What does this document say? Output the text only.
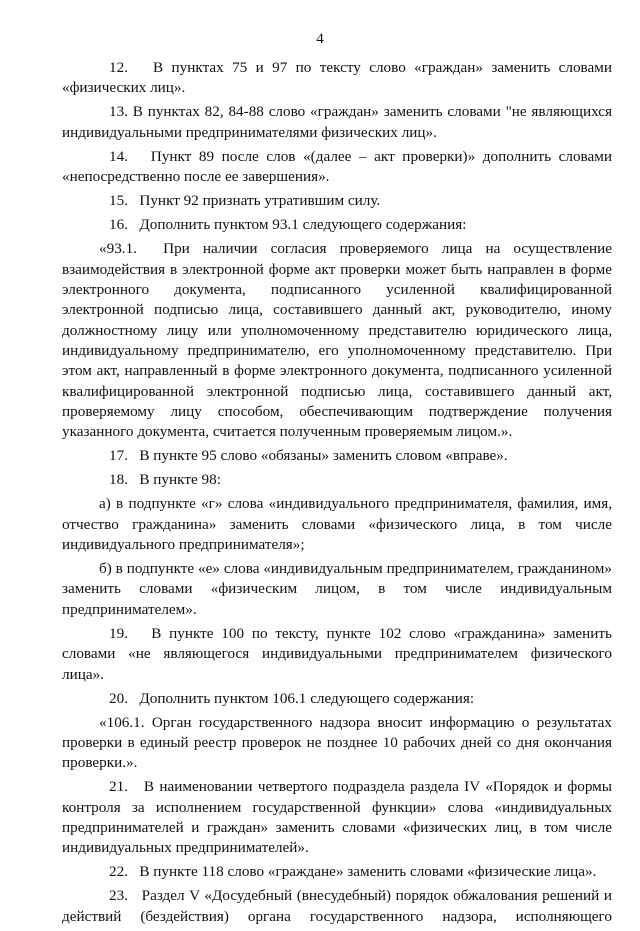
4

12.   В пунктах 75 и 97 по тексту слово «граждан» заменить словами «физических лиц».

13. В пунктах 82, 84-88 слово «граждан» заменить словами "не являющихся индивидуальными предпринимателями физических лиц».

14.   Пункт 89 после слов «(далее – акт проверки)» дополнить словами «непосредственно после ее завершения».

15.   Пункт 92 признать утратившим силу.

16.   Дополнить пунктом 93.1 следующего содержания:

«93.1.  При наличии согласия проверяемого лица на осуществление взаимодействия в электронной форме акт проверки может быть направлен в форме электронного документа, подписанного усиленной квалифицированной электронной подписью лица, составившего данный акт, руководителю, иному должностному лицу или уполномоченному представителю юридического лица, индивидуальному предпринимателю, его уполномоченному представителю. При этом акт, направленный в форме электронного документа, подписанного усиленной квалифицированной электронной подписью лица, составившего данный акт, проверяемому лицу способом, обеспечивающим подтверждение получения указанного документа, считается полученным проверяемым лицом.».

17.   В пункте 95 слово «обязаны» заменить словом «вправе».

18.   В пункте 98:

а) в подпункте «г» слова «индивидуального предпринимателя, фамилия, имя, отчество гражданина» заменить словами «физического лица, в том числе индивидуального предпринимателя»;

б) в подпункте «е» слова «индивидуальным предпринимателем, гражданином» заменить словами «физическим лицом, в том числе индивидуальным предпринимателем».

19.   В пункте 100 по тексту, пункте 102 слово «гражданина» заменить словами «не являющегося индивидуальными предпринимателем физического лица».

20.   Дополнить пунктом 106.1 следующего содержания:

«106.1. Орган государственного надзора вносит информацию о результатах проверки в единый реестр проверок не позднее 10 рабочих дней со дня окончания проверки.».

21.   В наименовании четвертого подраздела раздела IV «Порядок и формы контроля за исполнением государственной функции» слова «индивидуальных предпринимателей и граждан» заменить словами «физических лиц, в том числе индивидуальных предпринимателей».

22.   В пункте 118 слово «граждане» заменить словами «физические лица».

23.   Раздел V «Досудебный (внесудебный) порядок обжалования решений и действий (бездействия) органа государственного надзора, исполняющего
